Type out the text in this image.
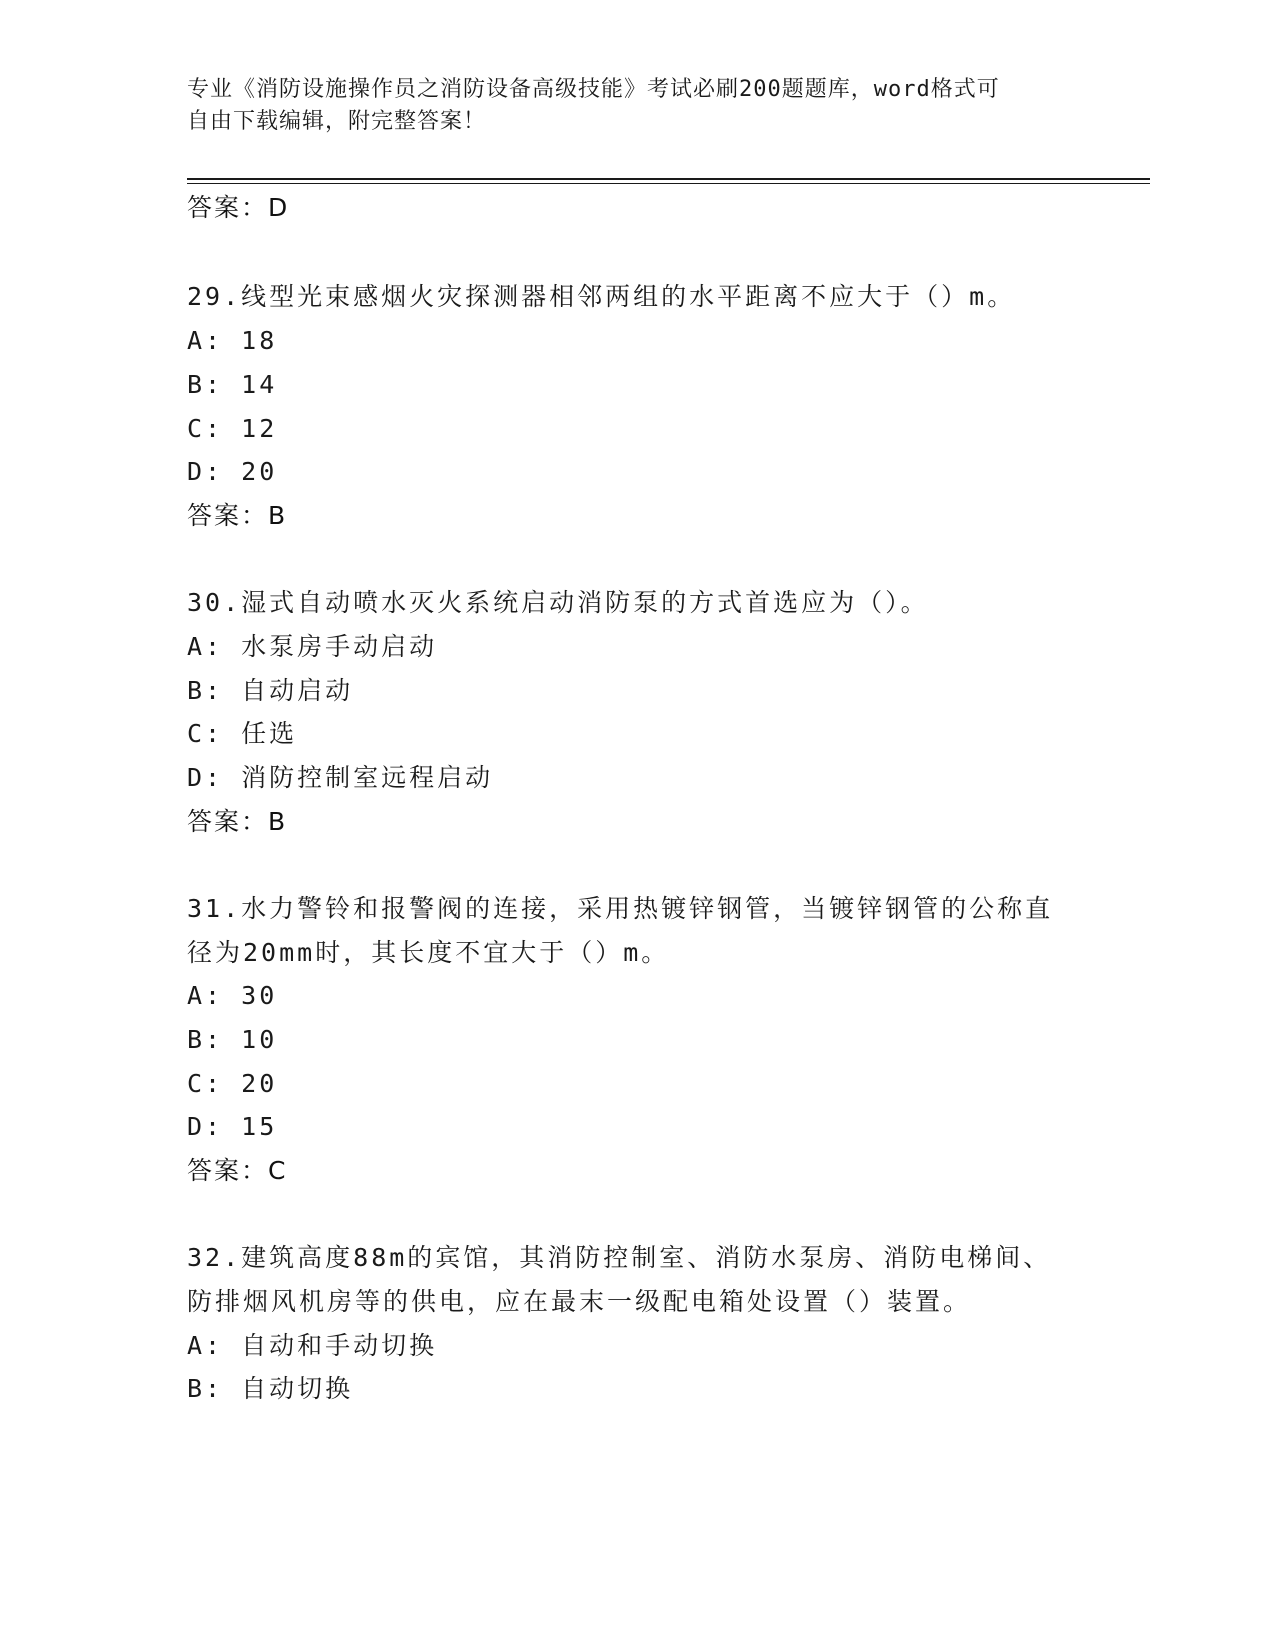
专业《消防设施操作员之消防设备高级技能》考试必刷200题题库，word格式可
自由下载编辑，附完整答案！
答案：D
29.线型光束感烟火灾探测器相邻两组的水平距离不应大于（）m。
A: 18
B: 14
C: 12
D: 20
答案：B
30.湿式自动喷水灭火系统启动消防泵的方式首选应为（）。
A: 水泵房手动启动
B: 自动启动
C: 任选
D: 消防控制室远程启动
答案：B
31.水力警铃和报警阀的连接，采用热镀锌钢管，当镀锌钢管的公称直
径为20mm时，其长度不宜大于（）m。
A: 30
B: 10
C: 20
D: 15
答案：C
32.建筑高度88m的宾馆，其消防控制室、消防水泵房、消防电梯间、
防排烟风机房等的供电，应在最末一级配电箱处设置（）装置。
A: 自动和手动切换
B: 自动切换
